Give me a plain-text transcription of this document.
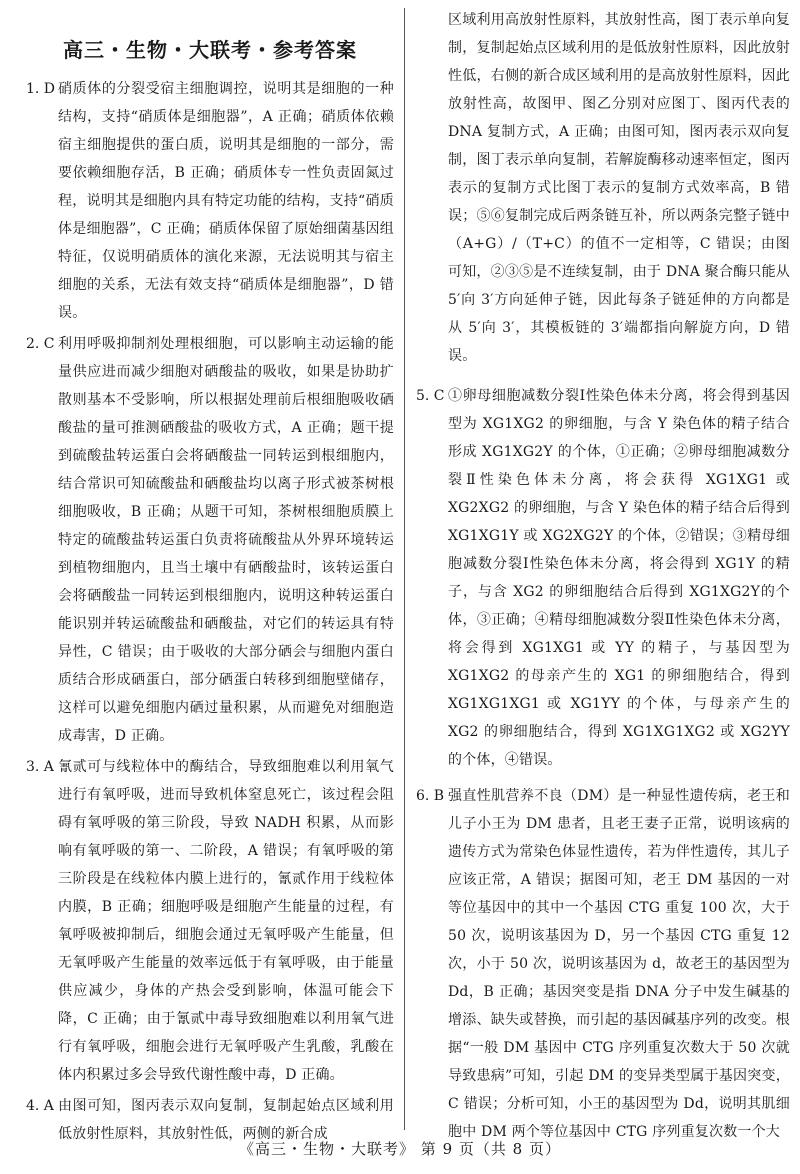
高三・生物・大联考・参考答案
1. D 硝质体的分裂受宿主细胞调控，说明其是细胞的一种结构，支持“硝质体是细胞器”，A 正确；硝质体依赖宿主细胞提供的蛋白质，说明其是细胞的一部分，需要依赖细胞存活，B 正确；硝质体专一性负责固氮过程，说明其是细胞内具有特定功能的结构，支持“硝质体是细胞器”，C 正确；硝质体保留了原始细菌基因组特征，仅说明硝质体的演化来源，无法说明其与宿主细胞的关系，无法有效支持“硝质体是细胞器”，D 错误。
2. C 利用呼吸抑制剂处理根细胞，可以影响主动运输的能量供应进而减少细胞对硒酸盐的吸收，如果是协助扩散则基本不受影响，所以根据处理前后根细胞吸收硒酸盐的量可推测硒酸盐的吸收方式，A 正确；题干提到硫酸盐转运蛋白会将硒酸盐一同转运到根细胞内，结合常识可知硫酸盐和硒酸盐均以离子形式被茶树根细胞吸收，B 正确；从题干可知，茶树根细胞质膜上特定的硫酸盐转运蛋白负责将硫酸盐从外界环境转运到植物细胞内，且当土壤中有硒酸盐时，该转运蛋白会将硒酸盐一同转运到根细胞内，说明这种转运蛋白能识别并转运硫酸盐和硒酸盐，对它们的转运具有特异性，C 错误；由于吸收的大部分硒会与细胞内蛋白质结合形成硒蛋白，部分硒蛋白转移到细胞壁储存，这样可以避免细胞内硒过量积累，从而避免对细胞造成毒害，D 正确。
3. A 氰贰可与线粒体中的酶结合，导致细胞难以利用氧气进行有氧呼吸，进而导致机体窒息死亡，该过程会阻碍有氧呼吸的第三阶段，导致 NADH 积累，从而影响有氧呼吸的第一、二阶段，A 错误；有氧呼吸的第三阶段是在线粒体内膜上进行的，氰贰作用于线粒体内膜，B 正确；细胞呼吸是细胞产生能量的过程，有氧呼吸被抑制后，细胞会通过无氧呼吸产生能量，但无氧呼吸产生能量的效率远低于有氧呼吸，由于能量供应减少，身体的产热会受到影响，体温可能会下降，C 正确；由于氰贰中毒导致细胞难以利用氧气进行有氧呼吸，细胞会进行无氧呼吸产生乳酸，乳酸在体内积累过多会导致代谢性酸中毒，D 正确。
4. A 由图可知，图丙表示双向复制，复制起始点区域利用低放射性原料，其放射性低，两侧的新合成
区域利用高放射性原料，其放射性高，图丁表示单向复制，复制起始点区域利用的是低放射性原料，因此放射性低，右侧的新合成区域利用的是高放射性原料，因此放射性高，故图甲、图乙分别对应图丁、图丙代表的 DNA 复制方式，A 正确；由图可知，图丙表示双向复制，图丁表示单向复制，若解旋酶移动速率恒定，图丙表示的复制方式比图丁表示的复制方式效率高，B 错误；⑤⑥复制完成后两条链互补，所以两条完整子链中（A+G）/（T+C）的值不一定相等，C 错误；由图可知，②③⑤是不连续复制，由于 DNA 聚合酶只能从 5′向 3′方向延伸子链，因此每条子链延伸的方向都是从 5′向 3′，其模板链的 3′端都指向解旋方向，D 错误。
5. C ①卵母细胞减数分裂Ⅰ性染色体未分离，将会得到基因型为 XG1XG2 的卵细胞，与含 Y 染色体的精子结合形成 XG1XG2Y 的个体，①正确；②卵母细胞减数分裂Ⅱ性染色体未分离，将会获得 XG1XG1 或 XG2XG2 的卵细胞，与含 Y 染色体的精子结合后得到 XG1XG1Y 或 XG2XG2Y 的个体，②错误；③精母细胞减数分裂Ⅰ性染色体未分离，将会得到 XG1Y 的精子，与含 XG2 的卵细胞结合后得到 XG1XG2Y的个体，③正确；④精母细胞减数分裂Ⅱ性染色体未分离，将会得到 XG1XG1 或 YY 的精子，与基因型为 XG1XG2 的母亲产生的 XG1 的卵细胞结合，得到 XG1XG1XG1 或 XG1YY 的个体，与母亲产生的 XG2 的卵细胞结合，得到 XG1XG1XG2 或 XG2YY 的个体，④错误。
6. B 强直性肌营养不良（DM）是一种显性遗传病，老王和儿子小王为 DM 患者，且老王妻子正常，说明该病的遗传方式为常染色体显性遗传，若为伴性遗传，其儿子应该正常，A 错误；据图可知，老王 DM 基因的一对等位基因中的其中一个基因 CTG 重复 100 次，大于 50 次，说明该基因为 D，另一个基因 CTG 重复 12 次，小于 50 次，说明该基因为 d，故老王的基因型为 Dd，B 正确；基因突变是指 DNA 分子中发生碱基的增添、缺失或替换，而引起的基因碱基序列的改变。根据“一般 DM 基因中 CTG 序列重复次数大于 50 次就导致患病”可知，引起 DM 的变异类型属于基因突变，C 错误；分析可知，小王的基因型为 Dd，说明其肌细胞中 DM 两个等位基因中 CTG 序列重复次数一个大
《高三・生物・大联考》 第 9 页（共 8 页）
